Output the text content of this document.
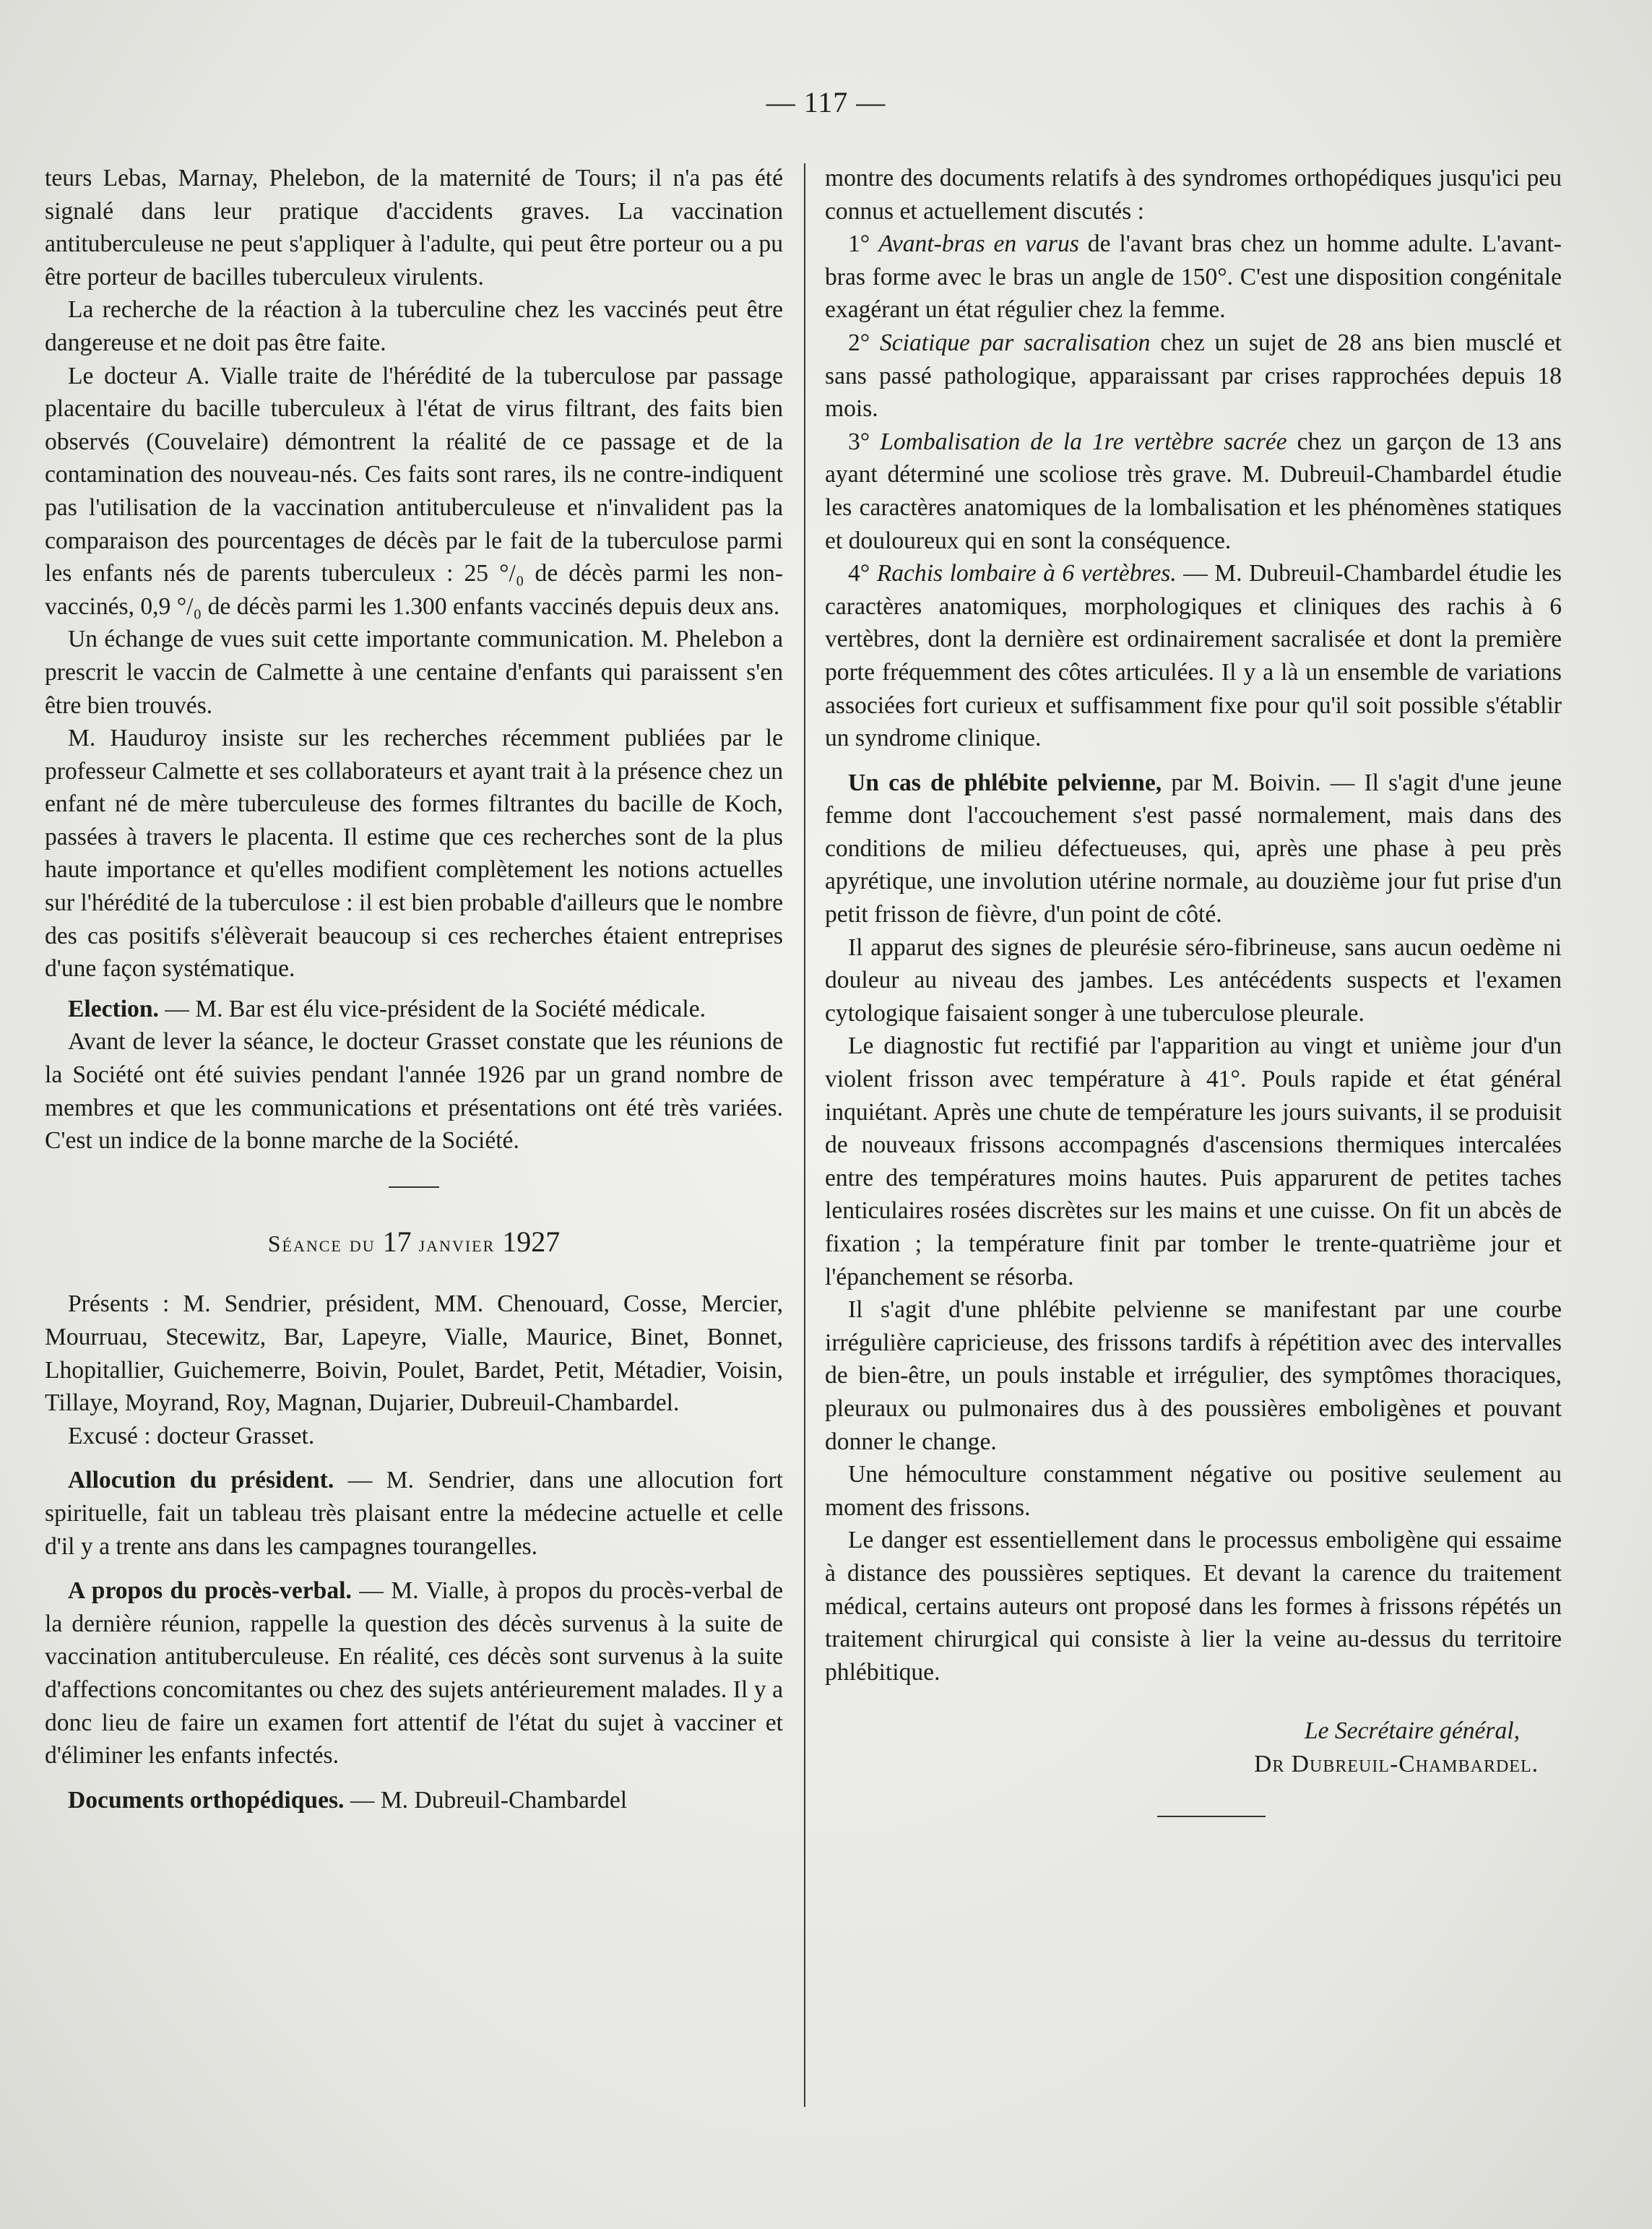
— 117 —

teurs Lebas, Marnay, Phelebon, de la maternité de Tours; il n'a pas été signalé dans leur pratique d'accidents graves. La vaccination antituberculeuse ne peut s'appliquer à l'adulte, qui peut être porteur ou a pu être porteur de bacilles tuberculeux virulents.

La recherche de la réaction à la tuberculine chez les vaccinés peut être dangereuse et ne doit pas être faite.

Le docteur A. Vialle traite de l'hérédité de la tuberculose par passage placentaire du bacille tuberculeux à l'état de virus filtrant, des faits bien observés (Couvelaire) démontrent la réalité de ce passage et de la contamination des nouveau-nés. Ces faits sont rares, ils ne contre-indiquent pas l'utilisation de la vaccination antituberculeuse et n'invalident pas la comparaison des pourcentages de décès par le fait de la tuberculose parmi les enfants nés de parents tuberculeux : 25 °/₀ de décès parmi les non-vaccinés, 0,9 °/₀ de décès parmi les 1.300 enfants vaccinés depuis deux ans.

Un échange de vues suit cette importante communication. M. Phelebon a prescrit le vaccin de Calmette à une centaine d'enfants qui paraissent s'en être bien trouvés.

M. Hauduroy insiste sur les recherches récemment publiées par le professeur Calmette et ses collaborateurs et ayant trait à la présence chez un enfant né de mère tuberculeuse des formes filtrantes du bacille de Koch, passées à travers le placenta. Il estime que ces recherches sont de la plus haute importance et qu'elles modifient complètement les notions actuelles sur l'hérédité de la tuberculose : il est bien probable d'ailleurs que le nombre des cas positifs s'élèverait beaucoup si ces recherches étaient entreprises d'une façon systématique.

Election. — M. Bar est élu vice-président de la Société médicale.

Avant de lever la séance, le docteur Grasset constate que les réunions de la Société ont été suivies pendant l'année 1926 par un grand nombre de membres et que les communications et présentations ont été très variées. C'est un indice de la bonne marche de la Société.

Séance du 17 janvier 1927

Présents : M. Sendrier, président, MM. Chenouard, Cosse, Mercier, Mourruau, Stecewitz, Bar, Lapeyre, Vialle, Maurice, Binet, Bonnet, Lhopitallier, Guichemerre, Boivin, Poulet, Bardet, Petit, Métadier, Voisin, Tillaye, Moyrand, Roy, Magnan, Dujarier, Dubreuil-Chambardel.

Excusé : docteur Grasset.

Allocution du président. — M. Sendrier, dans une allocution fort spirituelle, fait un tableau très plaisant entre la médecine actuelle et celle d'il y a trente ans dans les campagnes tourangelles.

A propos du procès-verbal. — M. Vialle, à propos du procès-verbal de la dernière réunion, rappelle la question des décès survenus à la suite de vaccination antituberculeuse. En réalité, ces décès sont survenus à la suite d'affections concomitantes ou chez des sujets antérieurement malades. Il y a donc lieu de faire un examen fort attentif de l'état du sujet à vacciner et d'éliminer les enfants infectés.

Documents orthopédiques. — M. Dubreuil-Chambardel

montre des documents relatifs à des syndromes orthopédiques jusqu'ici peu connus et actuellement discutés :

1° Avant-bras en varus de l'avant bras chez un homme adulte. L'avant-bras forme avec le bras un angle de 150°. C'est une disposition congénitale exagérant un état régulier chez la femme.

2° Sciatique par sacralisation chez un sujet de 28 ans bien musclé et sans passé pathologique, apparaissant par crises rapprochées depuis 18 mois.

3° Lombalisation de la 1re vertèbre sacrée chez un garçon de 13 ans ayant déterminé une scoliose très grave. M. Dubreuil-Chambardel étudie les caractères anatomiques de la lombalisation et les phénomènes statiques et douloureux qui en sont la conséquence.

4° Rachis lombaire à 6 vertèbres. — M. Dubreuil-Chambardel étudie les caractères anatomiques, morphologiques et cliniques des rachis à 6 vertèbres, dont la dernière est ordinairement sacralisée et dont la première porte fréquemment des côtes articulées. Il y a là un ensemble de variations associées fort curieux et suffisamment fixe pour qu'il soit possible s'établir un syndrome clinique.

Un cas de phlébite pelvienne, par M. Boivin. — Il s'agit d'une jeune femme dont l'accouchement s'est passé normalement, mais dans des conditions de milieu défectueuses, qui, après une phase à peu près apyrétique, une involution utérine normale, au douzième jour fut prise d'un petit frisson de fièvre, d'un point de côté.

Il apparut des signes de pleurésie séro-fibrineuse, sans aucun oedème ni douleur au niveau des jambes. Les antécédents suspects et l'examen cytologique faisaient songer à une tuberculose pleurale.

Le diagnostic fut rectifié par l'apparition au vingt et unième jour d'un violent frisson avec température à 41°. Pouls rapide et état général inquiétant. Après une chute de température les jours suivants, il se produisit de nouveaux frissons accompagnés d'ascensions thermiques intercalées entre des températures moins hautes. Puis apparurent de petites taches lenticulaires rosées discrètes sur les mains et une cuisse. On fit un abcès de fixation ; la température finit par tomber le trente-quatrième jour et l'épanchement se résorba.

Il s'agit d'une phlébite pelvienne se manifestant par une courbe irrégulière capricieuse, des frissons tardifs à répétition avec des intervalles de bien-être, un pouls instable et irrégulier, des symptômes thoraciques, pleuraux ou pulmonaires dus à des poussières emboligènes et pouvant donner le change.

Une hémoculture constamment négative ou positive seulement au moment des frissons.

Le danger est essentiellement dans le processus emboligène qui essaime à distance des poussières septiques. Et devant la carence du traitement médical, certains auteurs ont proposé dans les formes à frissons répétés un traitement chirurgical qui consiste à lier la veine au-dessus du territoire phlébitique.

Le Secrétaire général,

Dr Dubreuil-Chambardel.
